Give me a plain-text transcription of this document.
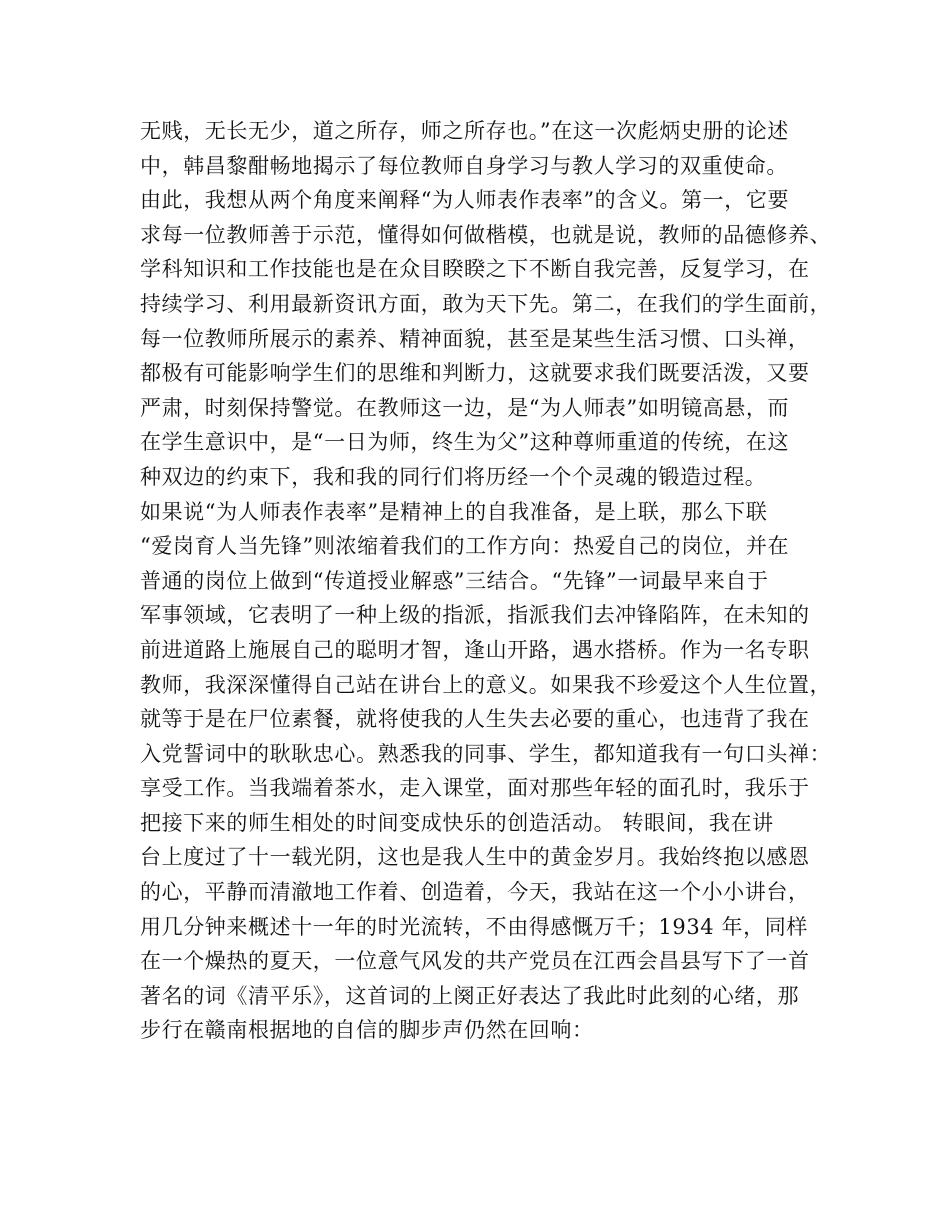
无贱，无长无少，道之所存，师之所存也。”在这一次彪炳史册的论述
中，韩昌黎酣畅地揭示了每位教师自身学习与教人学习的双重使命。
由此，我想从两个角度来阐释“为人师表作表率”的含义。第一，它要
求每一位教师善于示范，懂得如何做楷模，也就是说，教师的品德修养、
学科知识和工作技能也是在众目睽睽之下不断自我完善，反复学习，在
持续学习、利用最新资讯方面，敢为天下先。第二，在我们的学生面前，
每一位教师所展示的素养、精神面貌，甚至是某些生活习惯、口头禅，
都极有可能影响学生们的思维和判断力，这就要求我们既要活泼，又要
严肃，时刻保持警觉。在教师这一边，是“为人师表”如明镜高悬，而
在学生意识中，是“一日为师，终生为父”这种尊师重道的传统，在这
种双边的约束下，我和我的同行们将历经一个个灵魂的锻造过程。
如果说“为人师表作表率”是精神上的自我准备，是上联，那么下联
“爱岗育人当先锋”则浓缩着我们的工作方向：热爱自己的岗位，并在
普通的岗位上做到“传道授业解惑”三结合。“先锋”一词最早来自于
军事领域，它表明了一种上级的指派，指派我们去冲锋陷阵，在未知的
前进道路上施展自己的聪明才智，逢山开路，遇水搭桥。作为一名专职
教师，我深深懂得自己站在讲台上的意义。如果我不珍爱这个人生位置，
就等于是在尸位素餐，就将使我的人生失去必要的重心，也违背了我在
入党誓词中的耿耿忠心。熟悉我的同事、学生，都知道我有一句口头禅：
享受工作。当我端着茶水，走入课堂，面对那些年轻的面孔时，我乐于
把接下来的师生相处的时间变成快乐的创造活动。 转眼间，我在讲
台上度过了十一载光阴，这也是我人生中的黄金岁月。我始终抱以感恩
的心，平静而清澈地工作着、创造着，今天，我站在这一个小小讲台，
用几分钟来概述十一年的时光流转，不由得感慨万千；1934 年，同样
在一个燥热的夏天，一位意气风发的共产党员在江西会昌县写下了一首
著名的词《清平乐》，这首词的上阕正好表达了我此时此刻的心绪，那
步行在赣南根据地的自信的脚步声仍然在回响：
